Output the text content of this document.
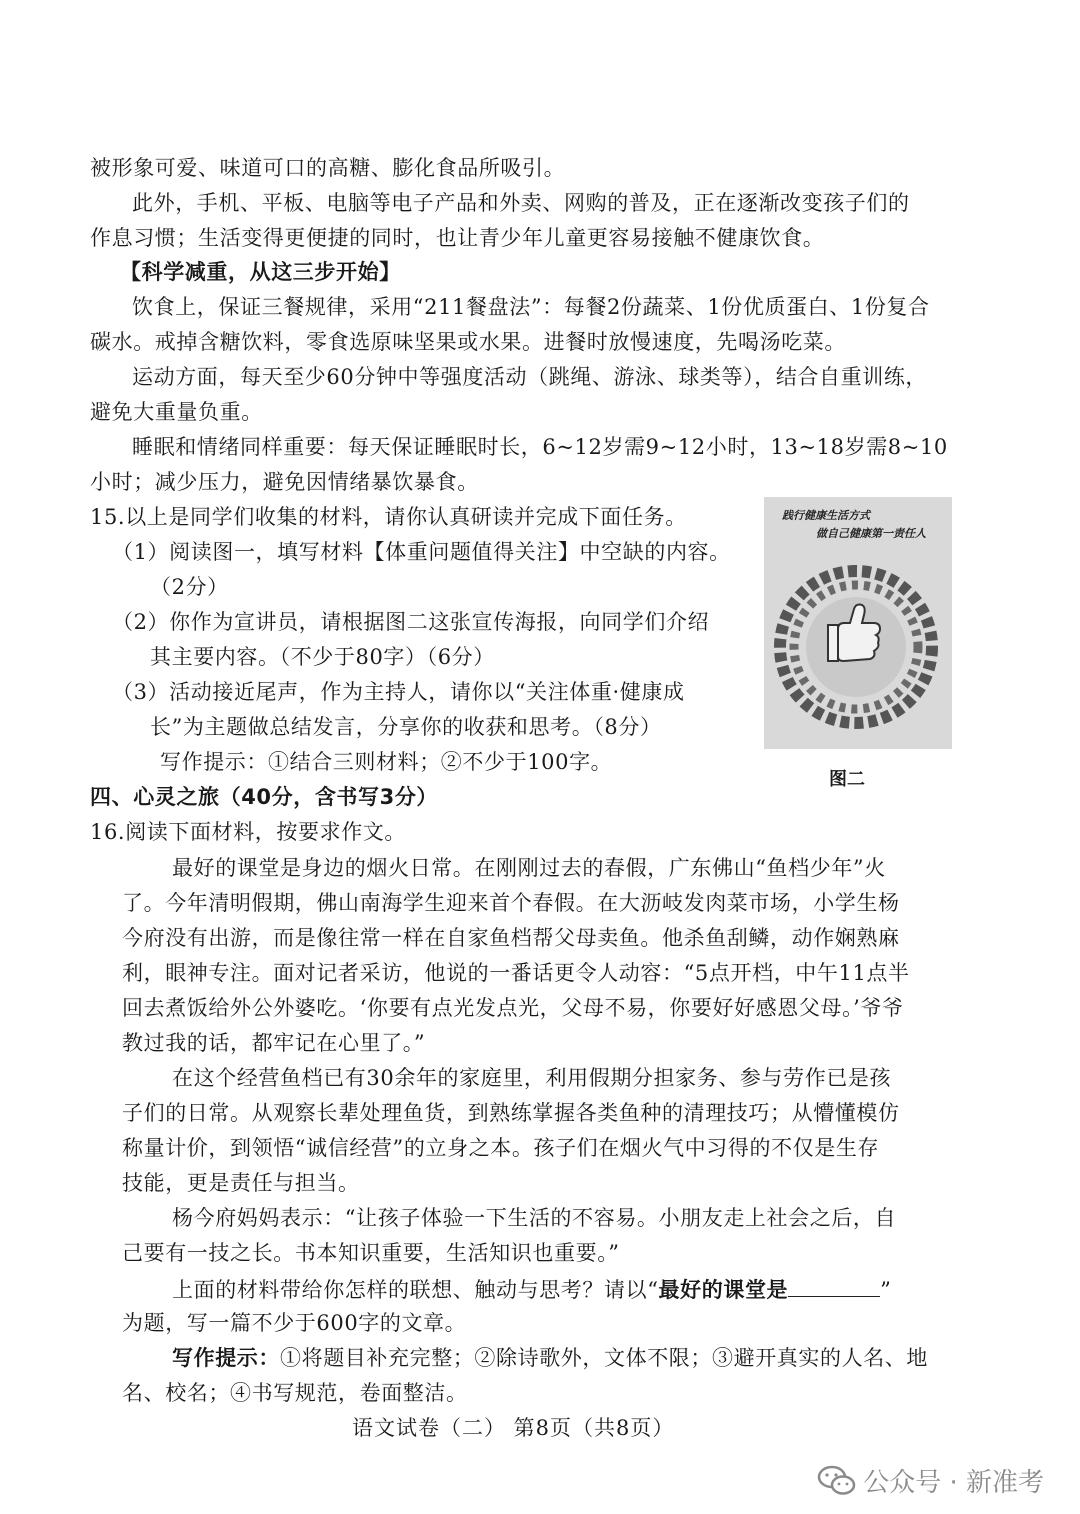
被形象可爱、味道可口的高糖、膨化食品所吸引。
此外，手机、平板、电脑等电子产品和外卖、网购的普及，正在逐渐改变孩子们的
作息习惯；生活变得更便捷的同时，也让青少年儿童更容易接触不健康饮食。
【科学减重，从这三步开始】
饮食上，保证三餐规律，采用“211餐盘法”：每餐2份蔬菜、1份优质蛋白、1份复合
碳水。戒掉含糖饮料，零食选原味坚果或水果。进餐时放慢速度，先喝汤吃菜。
运动方面，每天至少60分钟中等强度活动（跳绳、游泳、球类等），结合自重训练，
避免大重量负重。
睡眠和情绪同样重要：每天保证睡眠时长，6~12岁需9~12小时，13~18岁需8~10
小时；减少压力，避免因情绪暴饮暴食。
15.以上是同学们收集的材料，请你认真研读并完成下面任务。
（1）阅读图一，填写材料【体重问题值得关注】中空缺的内容。
（2分）
（2）你作为宣讲员，请根据图二这张宣传海报，向同学们介绍
其主要内容。（不少于80字）（6分）
（3）活动接近尾声，作为主持人，请你以“关注体重·健康成
长”为主题做总结发言，分享你的收获和思考。（8分）
写作提示：①结合三则材料；②不少于100字。
践行健康生活方式
做自己健康第一责任人
图二
四、心灵之旅（40分，含书写3分）
16.阅读下面材料，按要求作文。
最好的课堂是身边的烟火日常。在刚刚过去的春假，广东佛山“鱼档少年”火
了。今年清明假期，佛山南海学生迎来首个春假。在大沥岐发肉菜市场，小学生杨
今府没有出游，而是像往常一样在自家鱼档帮父母卖鱼。他杀鱼刮鳞，动作娴熟麻
利，眼神专注。面对记者采访，他说的一番话更令人动容：“5点开档，中午11点半
回去煮饭给外公外婆吃。‘你要有点光发点光，父母不易，你要好好感恩父母。’爷爷
教过我的话，都牢记在心里了。”
在这个经营鱼档已有30余年的家庭里，利用假期分担家务、参与劳作已是孩
子们的日常。从观察长辈处理鱼货，到熟练掌握各类鱼种的清理技巧；从懵懂模仿
称量计价，到领悟“诚信经营”的立身之本。孩子们在烟火气中习得的不仅是生存
技能，更是责任与担当。
杨今府妈妈表示：“让孩子体验一下生活的不容易。小朋友走上社会之后，自
己要有一技之长。书本知识重要，生活知识也重要。”
上面的材料带给你怎样的联想、触动与思考？请以“最好的课堂是	”
为题，写一篇不少于600字的文章。
写作提示：①将题目补充完整；②除诗歌外，文体不限；③避开真实的人名、地
名、校名；④书写规范，卷面整洁。
语文试卷（二） 第8页（共8页）
公众号 · 新准考
